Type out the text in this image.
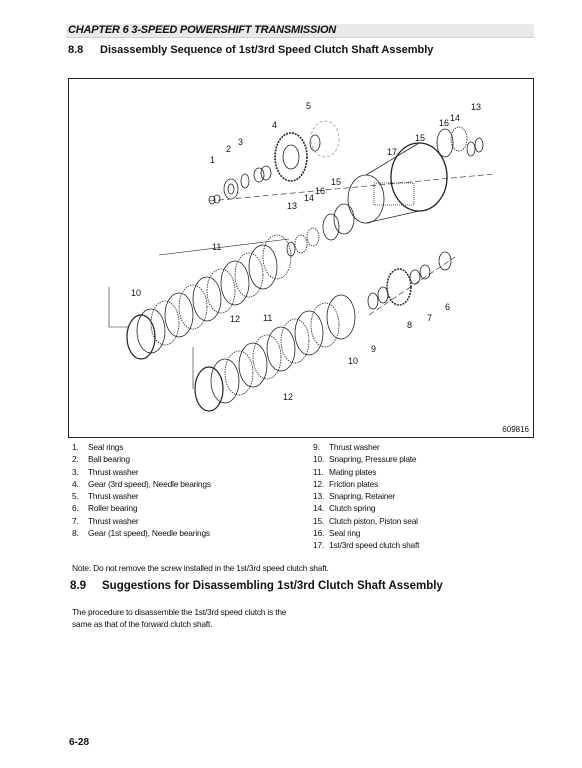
CHAPTER 6 3-SPEED POWERSHIFT TRANSMISSION
8.8 Disassembly Sequence of 1st/3rd Speed Clutch Shaft Assembly
1
2
3
4
5
16 14
13
15
17
15
16
14
13
11
10
12	11
10
9
8
7
6
12
609816
1. Seal rings
2. Ball bearing
3. Thrust washer
4. Gear (3rd speed), Needle bearings
5. Thrust washer
6. Roller bearing
7. Thrust washer
8. Gear (1st speed), Needle bearings
9. Thrust washer
10. Snapring, Pressure plate
11. Mating plates
12. Friction plates
13. Snapring, Retainer
14. Clutch spring
15. Clutch piston, Piston seal
16. Seal ring
17. 1st/3rd speed clutch shaft
Note: Do not remove the screw installed in the 1st/3rd speed clutch shaft.
8.9 Suggestions for Disassembling 1st/3rd Clutch Shaft Assembly
The procedure to disassemble the 1st/3rd speed clutch is the same as that of the forward clutch shaft.
6-28
